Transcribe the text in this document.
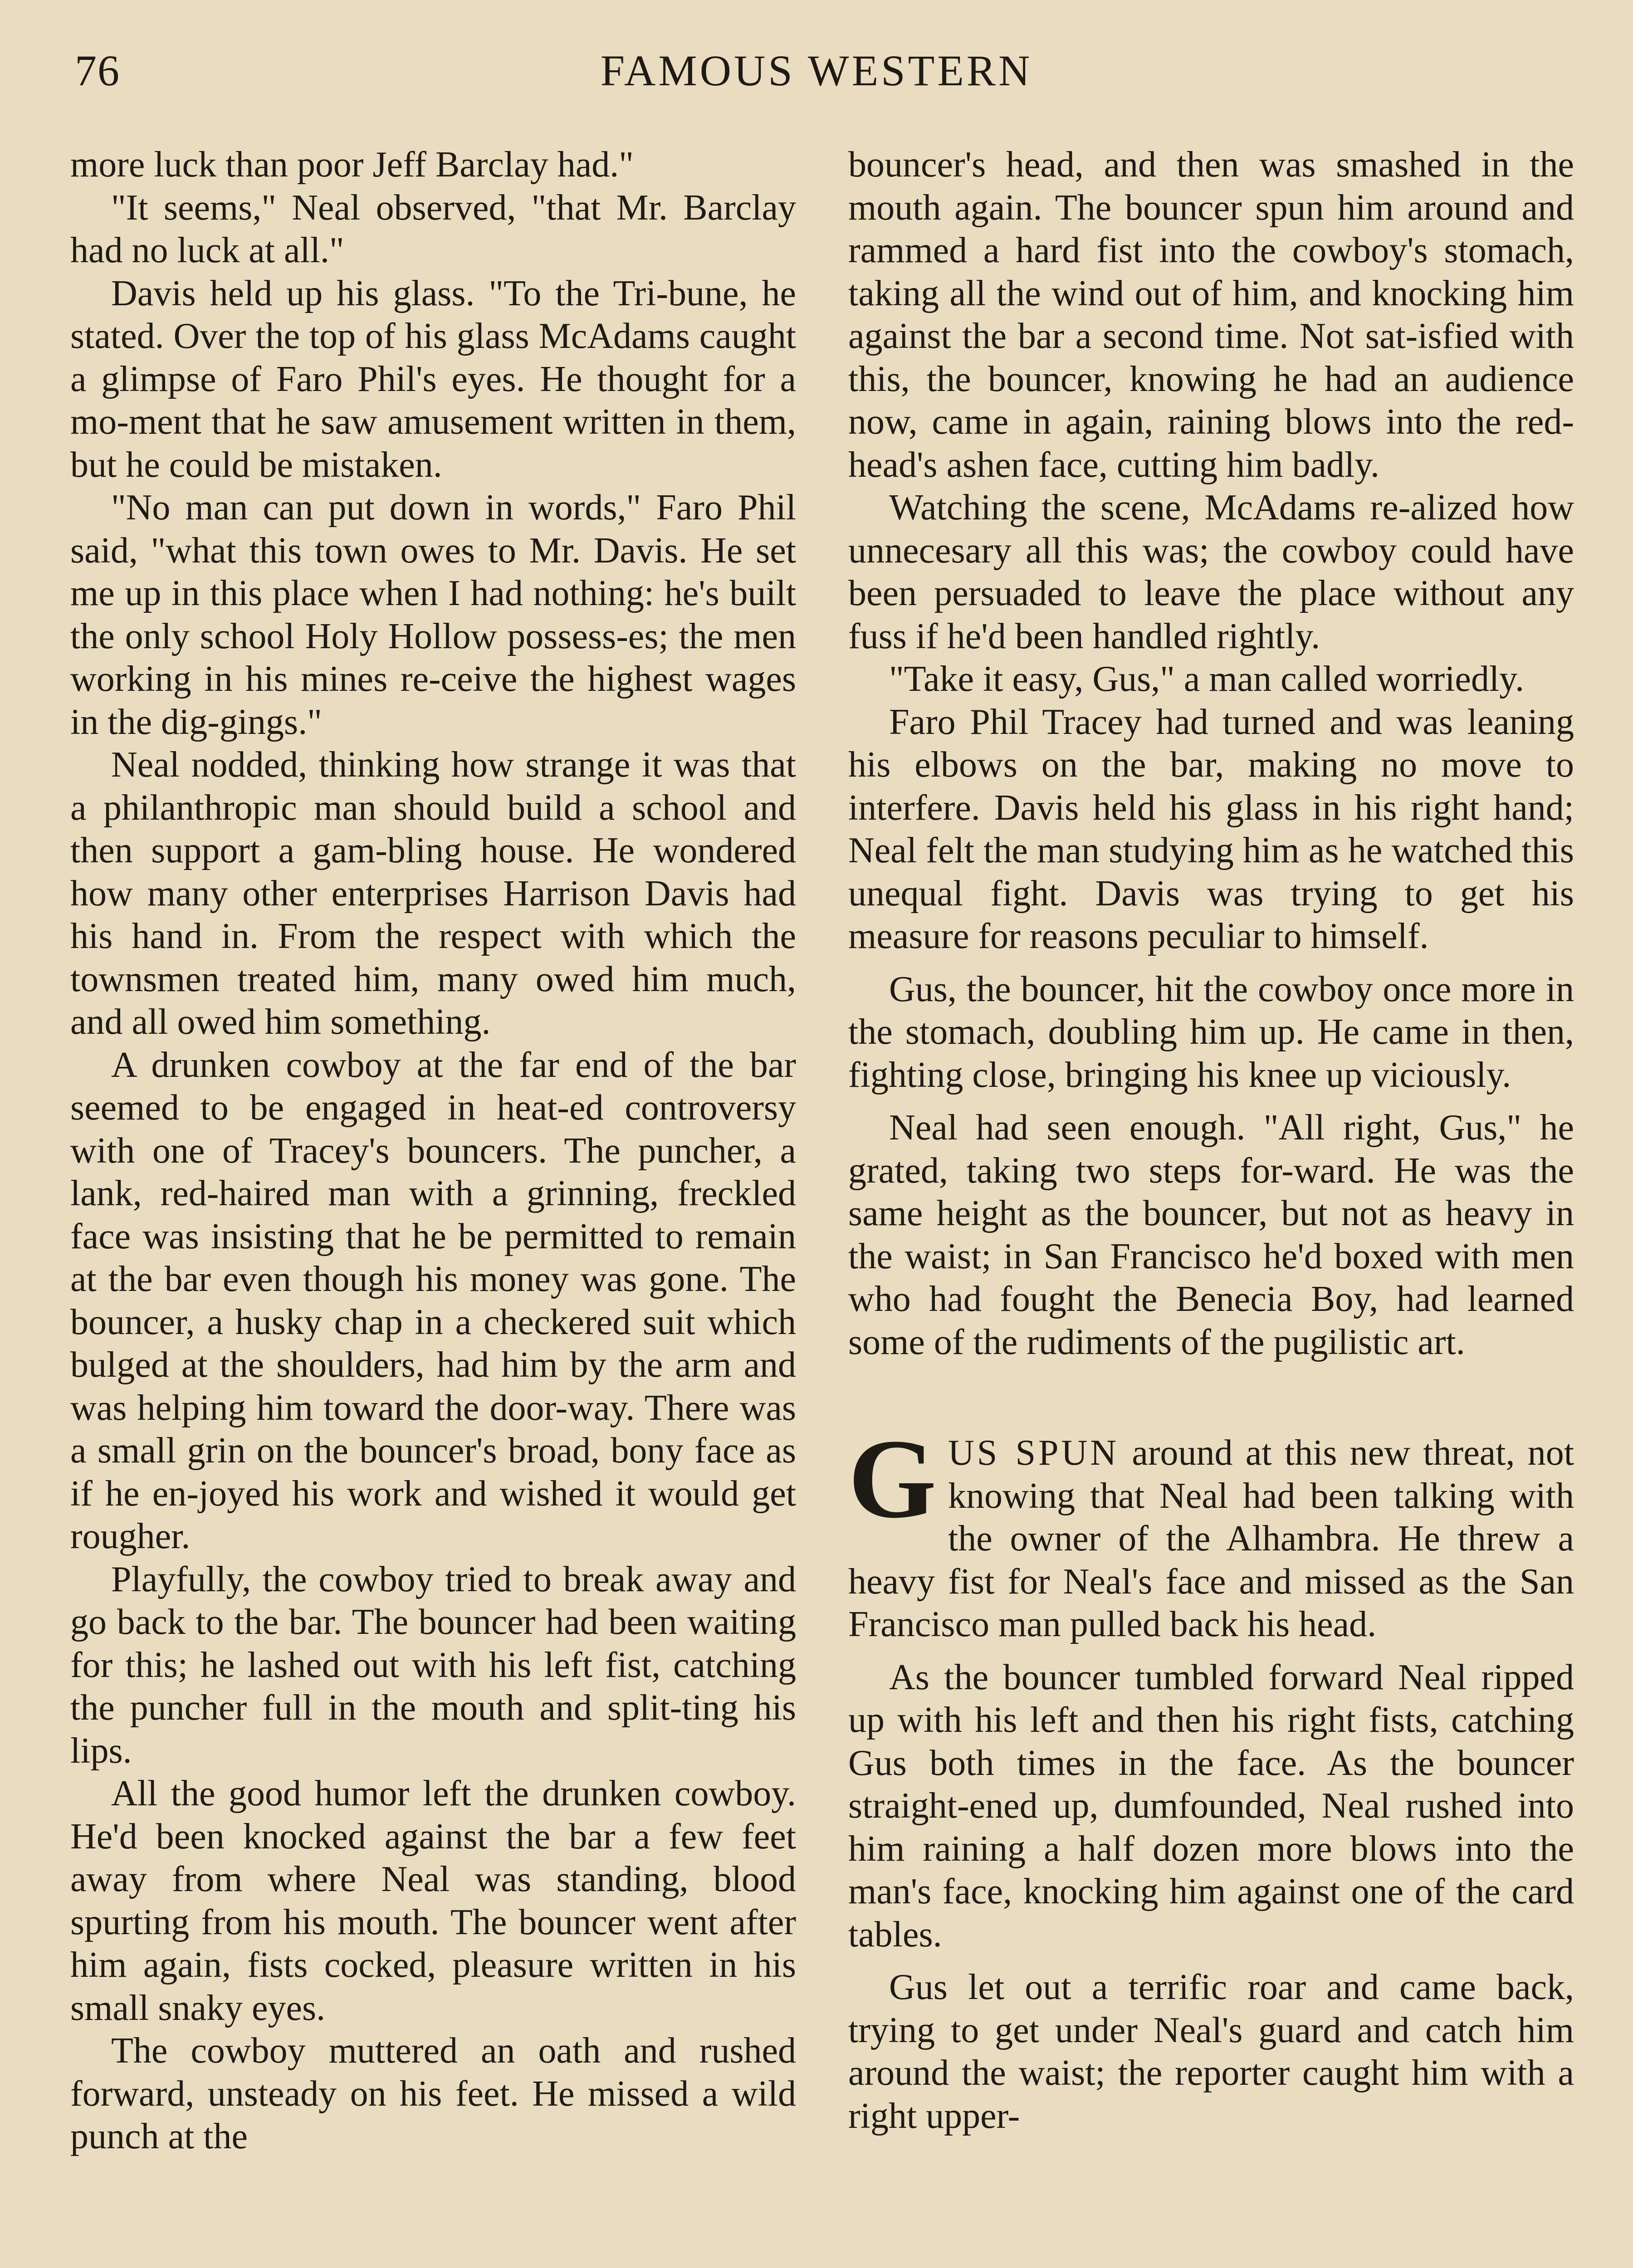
76	FAMOUS WESTERN

more luck than poor Jeff Barclay had."

"It seems," Neal observed, "that Mr. Barclay had no luck at all."

Davis held up his glass. "To the Tri-bune, he stated. Over the top of his glass McAdams caught a glimpse of Faro Phil's eyes. He thought for a mo-ment that he saw amusement written in them, but he could be mistaken.

"No man can put down in words," Faro Phil said, "what this town owes to Mr. Davis. He set me up in this place when I had nothing: he's built the only school Holy Hollow possess-es; the men working in his mines re-ceive the highest wages in the dig-gings."

Neal nodded, thinking how strange it was that a philanthropic man should build a school and then support a gam-bling house. He wondered how many other enterprises Harrison Davis had his hand in. From the respect with which the townsmen treated him, many owed him much, and all owed him something.

A drunken cowboy at the far end of the bar seemed to be engaged in heat-ed controversy with one of Tracey's bouncers. The puncher, a lank, red-haired man with a grinning, freckled face was insisting that he be permitted to remain at the bar even though his money was gone. The bouncer, a husky chap in a checkered suit which bulged at the shoulders, had him by the arm and was helping him toward the door-way. There was a small grin on the bouncer's broad, bony face as if he en-joyed his work and wished it would get rougher.

Playfully, the cowboy tried to break away and go back to the bar. The bouncer had been waiting for this; he lashed out with his left fist, catching the puncher full in the mouth and split-ting his lips.

All the good humor left the drunken cowboy. He'd been knocked against the bar a few feet away from where Neal was standing, blood spurting from his mouth. The bouncer went after him again, fists cocked, pleasure written in his small snaky eyes.

The cowboy muttered an oath and rushed forward, unsteady on his feet. He missed a wild punch at the

bouncer's head, and then was smashed in the mouth again. The bouncer spun him around and rammed a hard fist into the cowboy's stomach, taking all the wind out of him, and knocking him against the bar a second time. Not sat-isfied with this, the bouncer, knowing he had an audience now, came in again, raining blows into the red-head's ashen face, cutting him badly.

Watching the scene, McAdams re-alized how unnecesary all this was; the cowboy could have been persuaded to leave the place without any fuss if he'd been handled rightly.

"Take it easy, Gus," a man called worriedly.

Faro Phil Tracey had turned and was leaning his elbows on the bar, making no move to interfere. Davis held his glass in his right hand; Neal felt the man studying him as he watched this unequal fight. Davis was trying to get his measure for reasons peculiar to himself.

Gus, the bouncer, hit the cowboy once more in the stomach, doubling him up. He came in then, fighting close, bringing his knee up viciously.

Neal had seen enough. "All right, Gus," he grated, taking two steps for-ward. He was the same height as the bouncer, but not as heavy in the waist; in San Francisco he'd boxed with men who had fought the Benecia Boy, had learned some of the rudiments of the pugilistic art.

GUS SPUN around at this new threat, not knowing that Neal had been talking with the owner of the Alhambra. He threw a heavy fist for Neal's face and missed as the San Francisco man pulled back his head.

As the bouncer tumbled forward Neal ripped up with his left and then his right fists, catching Gus both times in the face. As the bouncer straight-ened up, dumfounded, Neal rushed into him raining a half dozen more blows into the man's face, knocking him against one of the card tables.

Gus let out a terrific roar and came back, trying to get under Neal's guard and catch him around the waist; the reporter caught him with a right upper-
